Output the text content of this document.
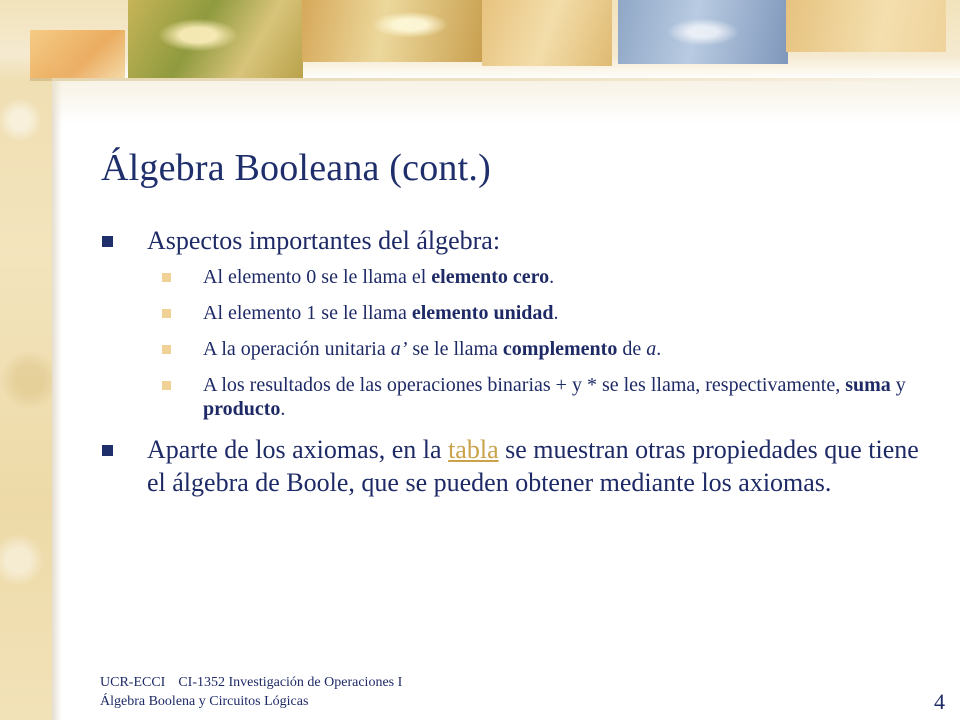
Álgebra Booleana (cont.)
Aspectos importantes del álgebra:
Al elemento 0 se le llama el elemento cero.
Al elemento 1 se le llama elemento unidad.
A la operación unitaria a’ se le llama complemento de a.
A los resultados de las operaciones binarias + y * se les llama, respectivamente, suma y producto.
Aparte de los axiomas, en la tabla se muestran otras propiedades que tiene el álgebra de Boole, que se pueden obtener mediante los axiomas.
UCR-ECCI CI-1352 Investigación de Operaciones I
Álgebra Boolena y Circuitos Lógicas	4
